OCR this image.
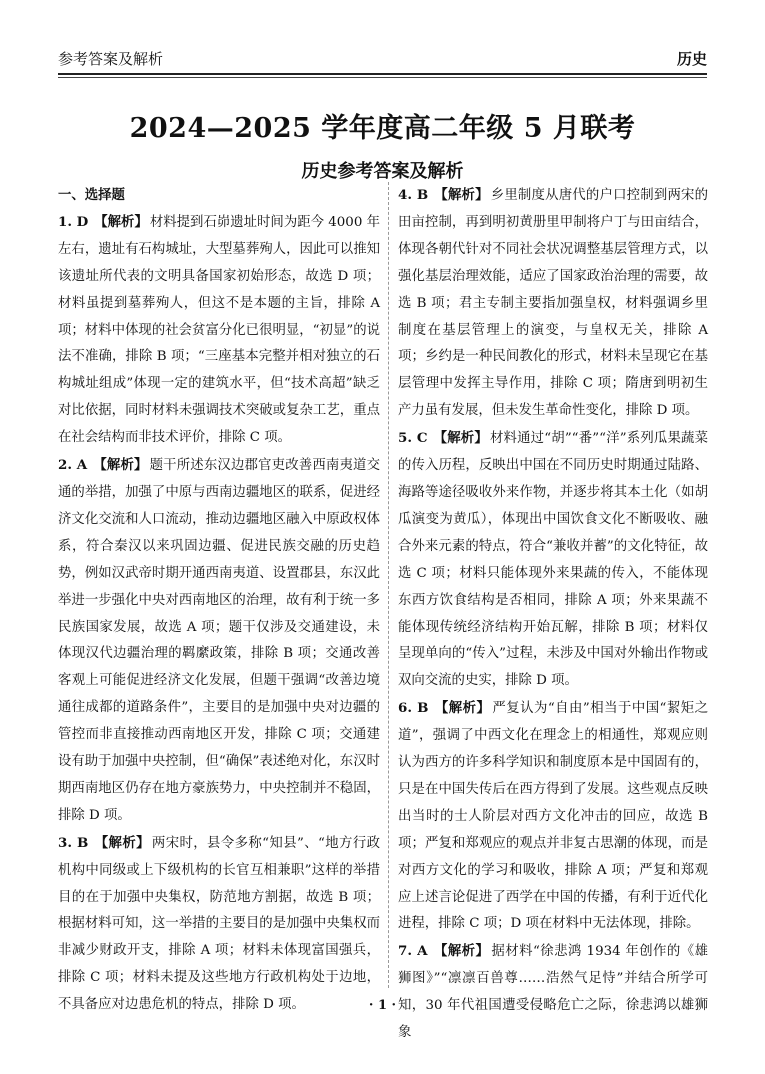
参考答案及解析	历史
2024—2025 学年度高二年级 5 月联考
历史参考答案及解析
一、选择题

1. D 【解析】 材料提到石峁遗址时间为距今 4000 年左右，遗址有石构城址，大型墓葬殉人，因此可以推知该遗址所代表的文明具备国家初始形态，故选 D 项；材料虽提到墓葬殉人，但这不是本题的主旨，排除 A 项；材料中体现的社会贫富分化已很明显，“初显”的说法不准确，排除 B 项；“三座基本完整并相对独立的石构城址组成”体现一定的建筑水平，但“技术高超”缺乏对比依据，同时材料未强调技术突破或复杂工艺，重点在社会结构而非技术评价，排除 C 项。

2. A 【解析】 题干所述东汉边郡官吏改善西南夷道交通的举措，加强了中原与西南边疆地区的联系，促进经济文化交流和人口流动，推动边疆地区融入中原政权体系，符合秦汉以来巩固边疆、促进民族交融的历史趋势，例如汉武帝时期开通西南夷道、设置郡县，东汉此举进一步强化中央对西南地区的治理，故有利于统一多民族国家发展，故选 A 项；题干仅涉及交通建设，未体现汉代边疆治理的羁縻政策，排除 B 项；交通改善客观上可能促进经济文化发展，但题干强调“改善边境通往成都的道路条件”，主要目的是加强中央对边疆的管控而非直接推动西南地区开发，排除 C 项；交通建设有助于加强中央控制，但“确保”表述绝对化，东汉时期西南地区仍存在地方豪族势力，中央控制并不稳固，排除 D 项。

3. B 【解析】 两宋时，县令多称“知县”、“地方行政机构中同级或上下级机构的长官互相兼职”这样的举措目的在于加强中央集权，防范地方割据，故选 B 项；根据材料可知，这一举措的主要目的是加强中央集权而非减少财政开支，排除 A 项；材料未体现富国强兵，排除 C 项；材料未提及这些地方行政机构处于边地，不具备应对边患危机的特点，排除 D 项。

4. B 【解析】 乡里制度从唐代的户口控制到两宋的田亩控制，再到明初黄册里甲制将户丁与田亩结合，体现各朝代针对不同社会状况调整基层管理方式，以强化基层治理效能，适应了国家政治治理的需要，故选 B 项；君主专制主要指加强皇权，材料强调乡里制度在基层管理上的演变，与皇权无关，排除 A 项；乡约是一种民间教化的形式，材料未呈现它在基层管理中发挥主导作用，排除 C 项；隋唐到明初生产力虽有发展，但未发生革命性变化，排除 D 项。

5. C 【解析】 材料通过“胡”“番”“洋”系列瓜果蔬菜的传入历程，反映出中国在不同历史时期通过陆路、海路等途径吸收外来作物，并逐步将其本土化（如胡瓜演变为黄瓜），体现出中国饮食文化不断吸收、融合外来元素的特点，符合“兼收并蓄”的文化特征，故选 C 项；材料只能体现外来果蔬的传入，不能体现东西方饮食结构是否相同，排除 A 项；外来果蔬不能体现传统经济结构开始瓦解，排除 B 项；材料仅呈现单向的“传入”过程，未涉及中国对外输出作物或双向交流的史实，排除 D 项。

6. B 【解析】 严复认为“自由”相当于中国“絜矩之道”，强调了中西文化在理念上的相通性，郑观应则认为西方的许多科学知识和制度原本是中国固有的，只是在中国失传后在西方得到了发展。这些观点反映出当时的士人阶层对西方文化冲击的回应，故选 B 项；严复和郑观应的观点并非复古思潮的体现，而是对西方文化的学习和吸收，排除 A 项；严复和郑观应上述言论促进了西学在中国的传播，有利于近代化进程，排除 C 项；D 项在材料中无法体现，排除。

7. A 【解析】 据材料“徐悲鸿 1934 年创作的《雄狮图》”“凛凛百兽尊……浩然气足恃”并结合所学可知，30 年代祖国遭受侵略危亡之际，徐悲鸿以雄狮象

· 1 ·
